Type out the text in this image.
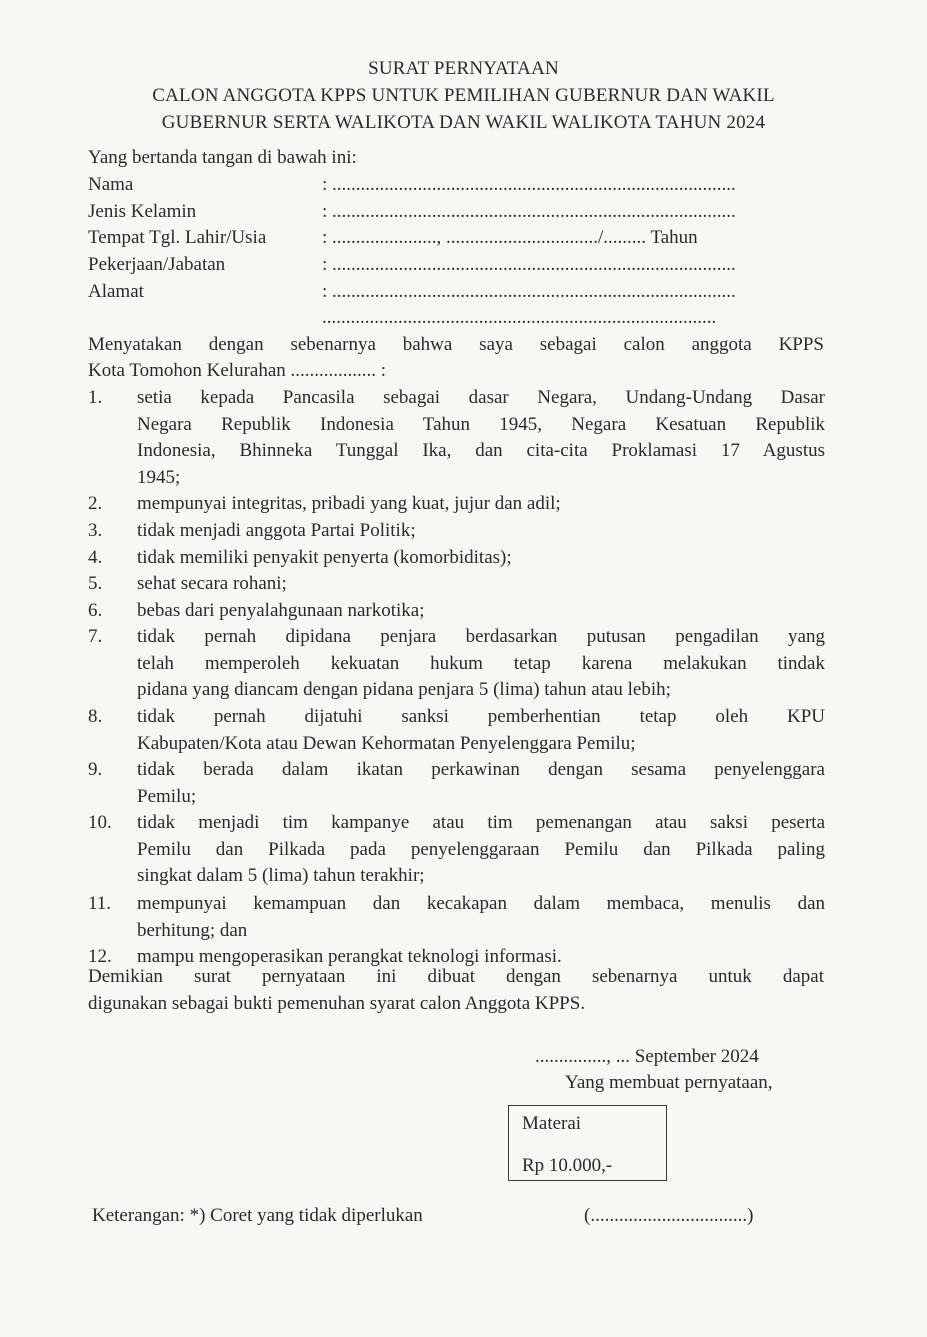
SURAT PERNYATAAN
CALON ANGGOTA KPPS UNTUK PEMILIHAN GUBERNUR DAN WAKIL
GUBERNUR SERTA WALIKOTA DAN WAKIL WALIKOTA TAHUN 2024
Yang bertanda tangan di bawah ini:
Nama	: .....................................................................................
Jenis Kelamin	: .....................................................................................
Tempat Tgl. Lahir/Usia	: ......................, ................................/......... Tahun
Pekerjaan/Jabatan	: .....................................................................................
Alamat	: .....................................................................................
...................................................................................
Menyatakan dengan sebenarnya bahwa saya sebagai calon anggota KPPS
Kota Tomohon Kelurahan .................. :
1. setia kepada Pancasila sebagai dasar Negara, Undang-Undang Dasar
Negara Republik Indonesia Tahun 1945, Negara Kesatuan Republik
Indonesia, Bhinneka Tunggal Ika, dan cita-cita Proklamasi 17 Agustus
1945;
2. mempunyai integritas, pribadi yang kuat, jujur dan adil;
3. tidak menjadi anggota Partai Politik;
4. tidak memiliki penyakit penyerta (komorbiditas);
5. sehat secara rohani;
6. bebas dari penyalahgunaan narkotika;
7. tidak pernah dipidana penjara berdasarkan putusan pengadilan yang
telah memperoleh kekuatan hukum tetap karena melakukan tindak
pidana yang diancam dengan pidana penjara 5 (lima) tahun atau lebih;
8. tidak pernah dijatuhi sanksi pemberhentian tetap oleh KPU
Kabupaten/Kota atau Dewan Kehormatan Penyelenggara Pemilu;
9. tidak berada dalam ikatan perkawinan dengan sesama penyelenggara
Pemilu;
10. tidak menjadi tim kampanye atau tim pemenangan atau saksi peserta
Pemilu dan Pilkada pada penyelenggaraan Pemilu dan Pilkada paling
singkat dalam 5 (lima) tahun terakhir;
11. mempunyai kemampuan dan kecakapan dalam membaca, menulis dan
berhitung; dan
12. mampu mengoperasikan perangkat teknologi informasi.
Demikian surat pernyataan ini dibuat dengan sebenarnya untuk dapat
digunakan sebagai bukti pemenuhan syarat calon Anggota KPPS.
..............., ... September 2024
Yang membuat pernyataan,
Materai
Rp 10.000,-
Keterangan: *) Coret yang tidak diperlukan	(.................................)
